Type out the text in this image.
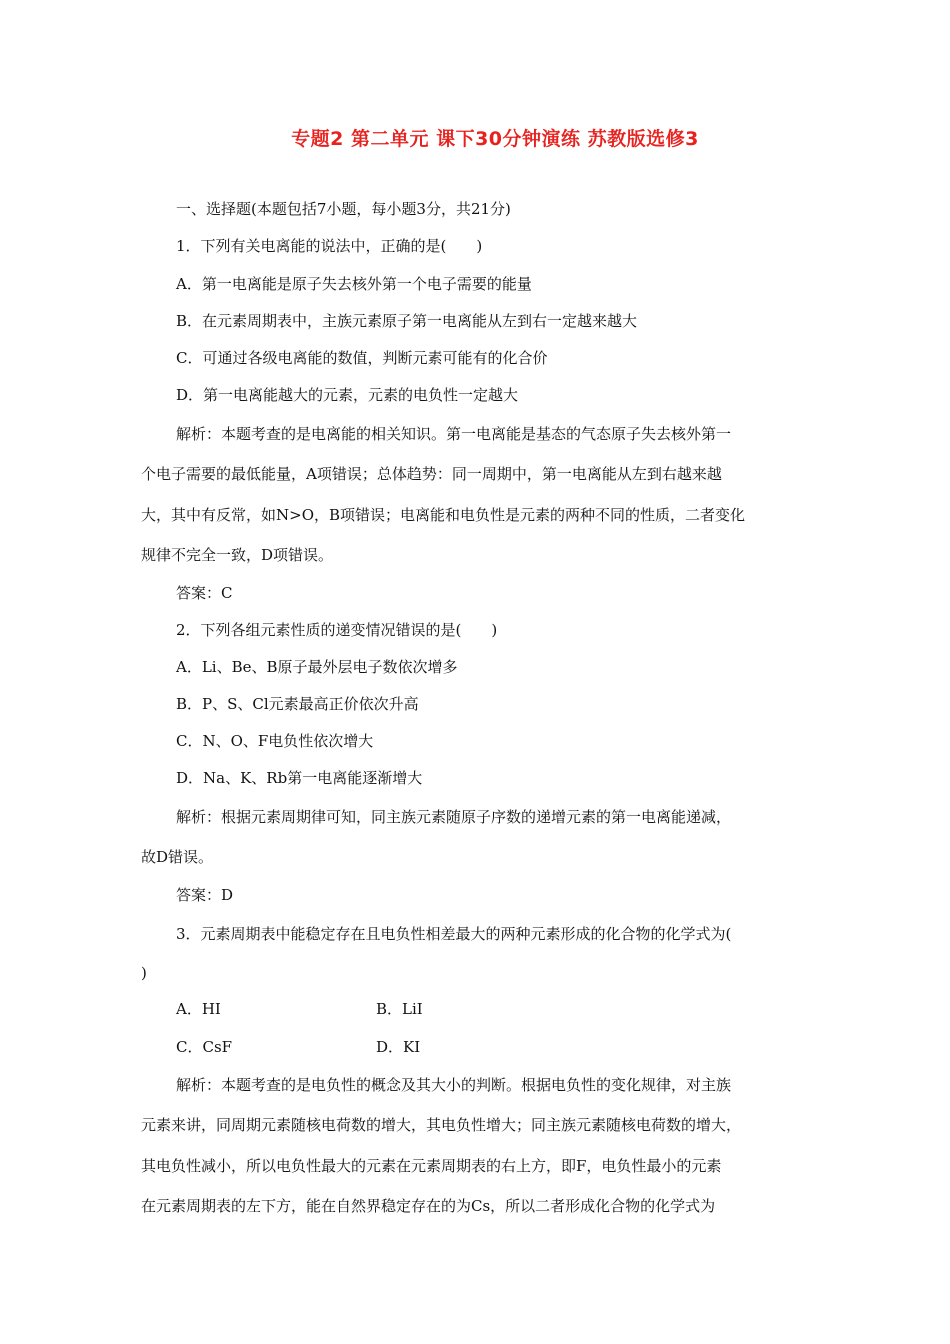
专题2 第二单元 课下30分钟演练 苏教版选修3
一、选择题(本题包括7小题，每小题3分，共21分)
1．下列有关电离能的说法中，正确的是(　　)
A．第一电离能是原子失去核外第一个电子需要的能量
B．在元素周期表中，主族元素原子第一电离能从左到右一定越来越大
C．可通过各级电离能的数值，判断元素可能有的化合价
D．第一电离能越大的元素，元素的电负性一定越大
解析：本题考查的是电离能的相关知识。第一电离能是基态的气态原子失去核外第一
个电子需要的最低能量，A项错误；总体趋势：同一周期中，第一电离能从左到右越来越
大，其中有反常，如N>O，B项错误；电离能和电负性是元素的两种不同的性质，二者变化
规律不完全一致，D项错误。
答案：C
2．下列各组元素性质的递变情况错误的是(　　)
A．Li、Be、B原子最外层电子数依次增多
B．P、S、Cl元素最高正价依次升高
C．N、O、F电负性依次增大
D．Na、K、Rb第一电离能逐渐增大
解析：根据元素周期律可知，同主族元素随原子序数的递增元素的第一电离能递减，
故D错误。
答案：D
3．元素周期表中能稳定存在且电负性相差最大的两种元素形成的化合物的化学式为(
)
A．HI	B．LiI
C．CsF	D．KI
解析：本题考查的是电负性的概念及其大小的判断。根据电负性的变化规律，对主族
元素来讲，同周期元素随核电荷数的增大，其电负性增大；同主族元素随核电荷数的增大，
其电负性减小，所以电负性最大的元素在元素周期表的右上方，即F，电负性最小的元素
在元素周期表的左下方，能在自然界稳定存在的为Cs，所以二者形成化合物的化学式为
